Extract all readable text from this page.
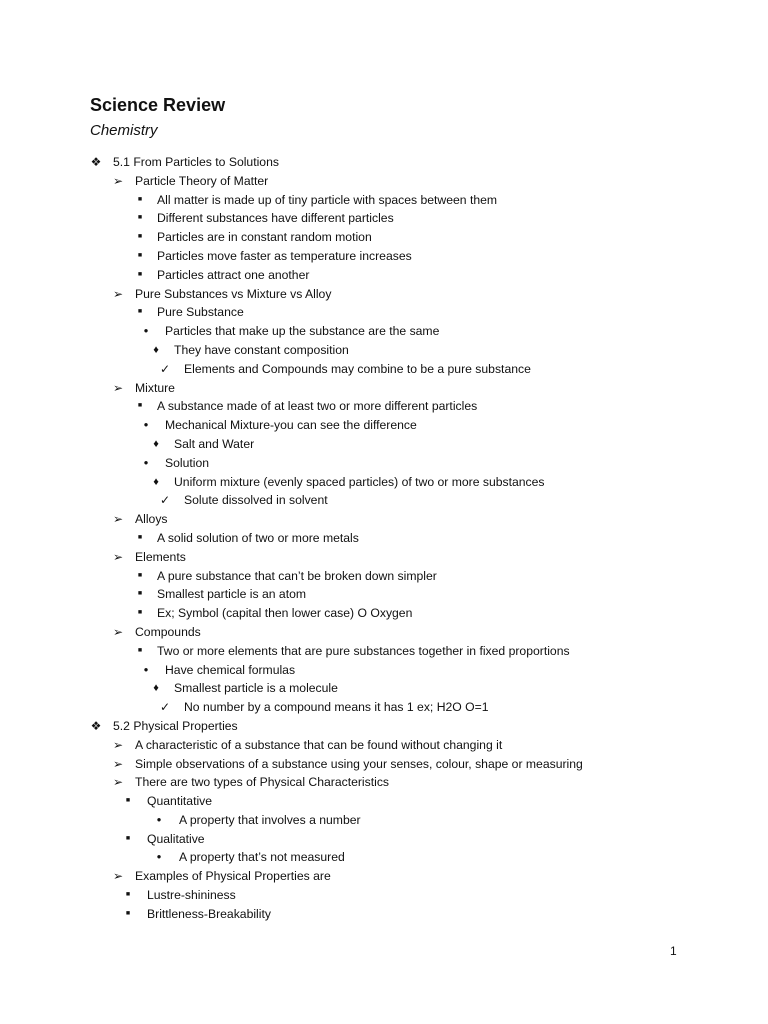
Science Review
Chemistry
❖ 5.1 From Particles to Solutions
➢ Particle Theory of Matter
■	All matter is made up of tiny particle with spaces between them
■	Different substances have different particles
■	Particles are in constant random motion
■	Particles move faster as temperature increases
■	Particles attract one another
➢ Pure Substances vs Mixture vs Alloy
■	Pure Substance
●	Particles that make up the substance are the same
♦	They have constant composition
✓ Elements and Compounds may combine to be a pure substance
➢ Mixture
■	A substance made of at least two or more different particles
●	Mechanical Mixture-you can see the difference
♦	Salt and Water
●	Solution
♦	Uniform mixture (evenly spaced particles) of two or more substances
✓ Solute dissolved in solvent
➢ Alloys
■	A solid solution of two or more metals
➢ Elements
■	A pure substance that can’t be broken down simpler
■	Smallest particle is an atom
■	Ex; Symbol (capital then lower case) O Oxygen
➢ Compounds
■	Two or more elements that are pure substances together in fixed proportions
●	Have chemical formulas
♦	Smallest particle is a molecule
✓ No number by a compound means it has 1 ex; H2O O=1
❖ 5.2 Physical Properties
➢ A characteristic of a substance that can be found without changing it
➢ Simple observations of a substance using your senses, colour, shape or measuring
➢ There are two types of Physical Characteristics
■	Quantitative
●	A property that involves a number
■	Qualitative
●	A property that’s not measured
➢ Examples of Physical Properties are
■	Lustre-shininess
■	Brittleness-Breakability
1
